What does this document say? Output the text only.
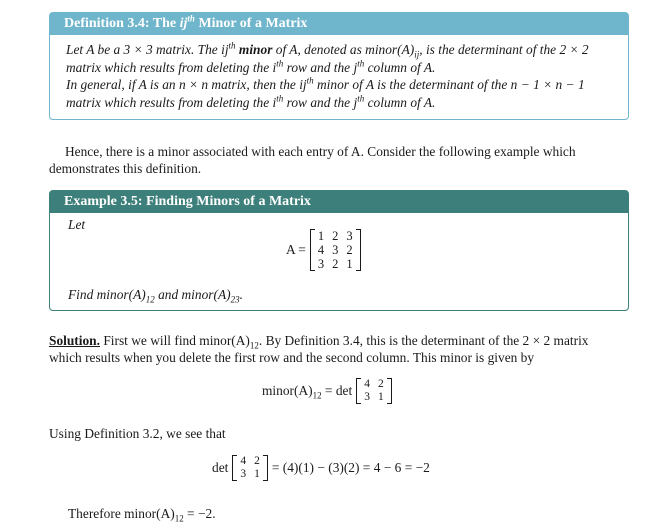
Definition 3.4: The $ij^{th}$ Minor of a Matrix
Let A be a 3 × 3 matrix. The $ij^{th}$ minor of A, denoted as $minor(A)_{ij}$, is the determinant of the 2 × 2
matrix which results from deleting the $i^{th}$ row and the $j^{th}$ column of A.
In general, if A is an n × n matrix, then the $ij^{th}$ minor of A is the determinant of the n − 1 × n − 1
matrix which results from deleting the $i^{th}$ row and the $j^{th}$ column of A.
Hence, there is a minor associated with each entry of A. Consider the following example which
demonstrates this definition.
Example 3.5: Finding Minors of a Matrix
Let
A =
1 2 3
4 3 2
3 2 1
Find $minor(A)_{12}$ and $minor(A)_{23}$.
Solution. First we will find $minor(A)_{12}$. By Definition 3.4, this is the determinant of the 2 × 2 matrix
which results when you delete the first row and the second column. This minor is given by
$minor(A)_{12} = \det 4$ 2
3 1
Using Definition 3.2, we see that
det 4 2
3 1 = (4)(1) − (3)(2) = 4 − 6 = −2
Therefore $minor(A)_{12} = -2$.
